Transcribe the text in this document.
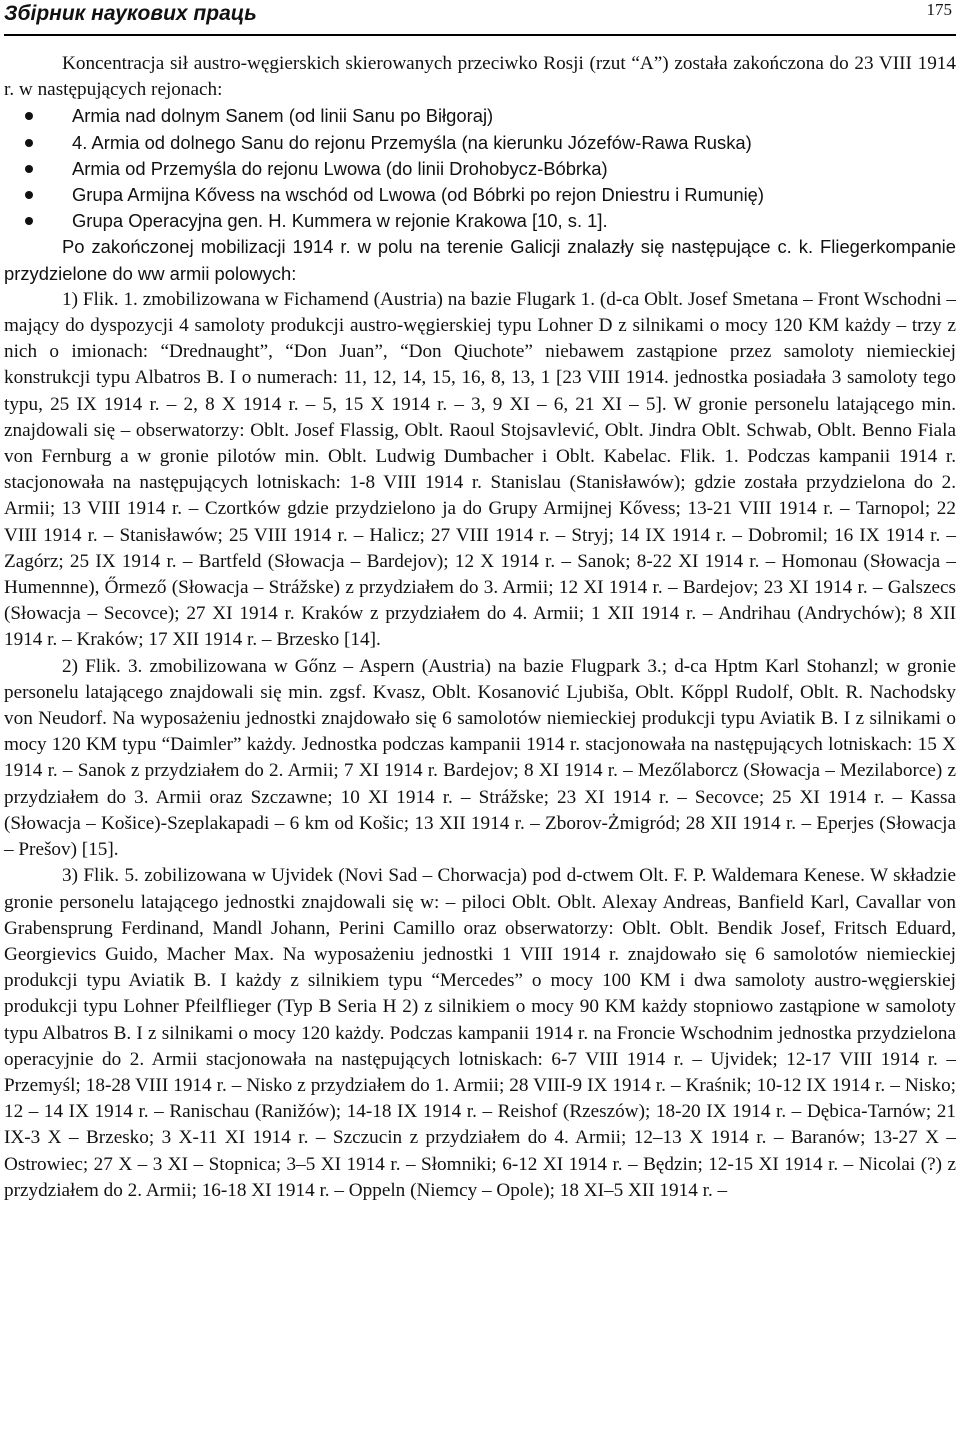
Збірник наукових праць	175

Koncentracja sił austro-węgierskich skierowanych przeciwko Rosji (rzut “A”) została zakończona do 23 VIII 1914 r. w następujących rejonach:

Armia nad dolnym Sanem (od linii Sanu po Biłgoraj)
4. Armia od dolnego Sanu do rejonu Przemyśla (na kierunku Józefów-Rawa Ruska)
Armia od Przemyśla do rejonu Lwowa (do linii Drohobycz-Bóbrka)
Grupa Armijna Kővess na wschód od Lwowa (od Bóbrki po rejon Dniestru i Rumunię)
Grupa Operacyjna gen. H. Kummera w rejonie Krakowa [10, s. 1].

Po zakończonej mobilizacji 1914 r. w polu na terenie Galicji znalazły się następujące c. k. Fliegerkompanie przydzielone do ww armii polowych:

1) Flik. 1. zmobilizowana w Fichamend (Austria) na bazie Flugark 1. (d-ca Oblt. Josef Smetana – Front Wschodni – mający do dyspozycji 4 samoloty produkcji austro-węgierskiej typu Lohner D z silnikami o mocy 120 KM każdy – trzy z nich o imionach: “Drednaught”, “Don Juan”, “Don Qiuchote” niebawem zastąpione przez samoloty niemieckiej konstrukcji typu Albatros B. I o numerach: 11, 12, 14, 15, 16, 8, 13, 1 [23 VIII 1914. jednostka posiadała 3 samoloty tego typu, 25 IX 1914 r. – 2, 8 X 1914 r. – 5, 15 X 1914 r. – 3, 9 XI – 6, 21 XI – 5]. W gronie personelu latającego min. znajdowali się – obserwatorzy: Oblt. Josef Flassig, Oblt. Raoul Stojsavlević, Oblt. Jindra Oblt. Schwab, Oblt. Benno Fiala von Fernburg a w gronie pilotów min. Oblt. Ludwig Dumbacher i Oblt. Kabelac. Flik. 1. Podczas kampanii 1914 r. stacjonowała na następujących lotniskach: 1-8 VIII 1914 r. Stanislau (Stanisławów); gdzie została przydzielona do 2. Armii; 13 VIII 1914 r. – Czortków gdzie przydzielono ja do Grupy Armijnej Kővess; 13-21 VIII 1914 r. – Tarnopol; 22 VIII 1914 r. – Stanisławów; 25 VIII 1914 r. – Halicz; 27 VIII 1914 r. – Stryj; 14 IX 1914 r. – Dobromil; 16 IX 1914 r. – Zagórz; 25 IX 1914 r. – Bartfeld (Słowacja – Bardejov); 12 X 1914 r. – Sanok; 8-22 XI 1914 r. – Homonau (Słowacja – Humennne), Őrmező (Słowacja – Strážske) z przydziałem do 3. Armii; 12 XI 1914 r. – Bardejov; 23 XI 1914 r. – Galszecs (Słowacja – Secovce); 27 XI 1914 r. Kraków z przydziałem do 4. Armii; 1 XII 1914 r. – Andrihau (Andrychów); 8 XII 1914 r. – Kraków; 17 XII 1914 r. – Brzesko [14].

2) Flik. 3. zmobilizowana w Gőnz – Aspern (Austria) na bazie Flugpark 3.; d-ca Hptm Karl Stohanzl; w gronie personelu latającego znajdowali się min. zgsf. Kvasz, Oblt. Kosanović Ljubiša, Oblt. Kőppl Rudolf, Oblt. R. Nachodsky von Neudorf. Na wyposażeniu jednostki znajdowało się 6 samolotów niemieckiej produkcji typu Aviatik B. I z silnikami o mocy 120 KM typu “Daimler” każdy. Jednostka podczas kampanii 1914 r. stacjonowała na następujących lotniskach: 15 X 1914 r. – Sanok z przydziałem do 2. Armii; 7 XI 1914 r. Bardejov; 8 XI 1914 r. – Mezőlaborcz (Słowacja – Mezilaborce) z przydziałem do 3. Armii oraz Szczawne; 10 XI 1914 r. – Strážske; 23 XI 1914 r. – Secovce; 25 XI 1914 r. – Kassa (Słowacja – Košice)-Szeplakapadi – 6 km od Košic; 13 XII 1914 r. – Zborov-Żmigród; 28 XII 1914 r. – Eperjes (Słowacja – Prešov) [15].

3) Flik. 5. zobilizowana w Ujvidek (Novi Sad – Chorwacja) pod d-ctwem Olt. F. P. Waldemara Kenese. W składzie gronie personelu latającego jednostki znajdowali się w: – piloci Oblt. Oblt. Alexay Andreas, Banfield Karl, Cavallar von Grabensprung Ferdinand, Mandl Johann, Perini Camillo oraz obserwatorzy: Oblt. Oblt. Bendik Josef, Fritsch Eduard, Georgievics Guido, Macher Max. Na wyposażeniu jednostki 1 VIII 1914 r. znajdowało się 6 samolotów niemieckiej produkcji typu Aviatik B. I każdy z silnikiem typu “Mercedes” o mocy 100 KM i dwa samoloty austro-węgierskiej produkcji typu Lohner Pfeilflieger (Typ B Seria H 2) z silnikiem o mocy 90 KM każdy stopniowo zastąpione w samoloty typu Albatros B. I z silnikami o mocy 120 każdy. Podczas kampanii 1914 r. na Froncie Wschodnim jednostka przydzielona operacyjnie do 2. Armii stacjonowała na następujących lotniskach: 6-7 VIII 1914 r. – Ujvidek; 12-17 VIII 1914 r. – Przemyśl; 18-28 VIII 1914 r. – Nisko z przydziałem do 1. Armii; 28 VIII-9 IX 1914 r. – Kraśnik; 10-12 IX 1914 r. – Nisko; 12 – 14 IX 1914 r. – Ranischau (Ranižów); 14-18 IX 1914 r. – Reishof (Rzeszów); 18-20 IX 1914 r. – Dębica-Tarnów; 21 IX-3 X – Brzesko; 3 X-11 XI 1914 r. – Szczucin z przydziałem do 4. Armii; 12–13 X 1914 r. – Baranów; 13-27 X – Ostrowiec; 27 X – 3 XI – Stopnica; 3–5 XI 1914 r. – Słomniki; 6-12 XI 1914 r. – Będzin; 12-15 XI 1914 r. – Nicolai (?) z przydziałem do 2. Armii; 16-18 XI 1914 r. – Oppeln (Niemcy – Opole); 18 XI–5 XII 1914 r. –
